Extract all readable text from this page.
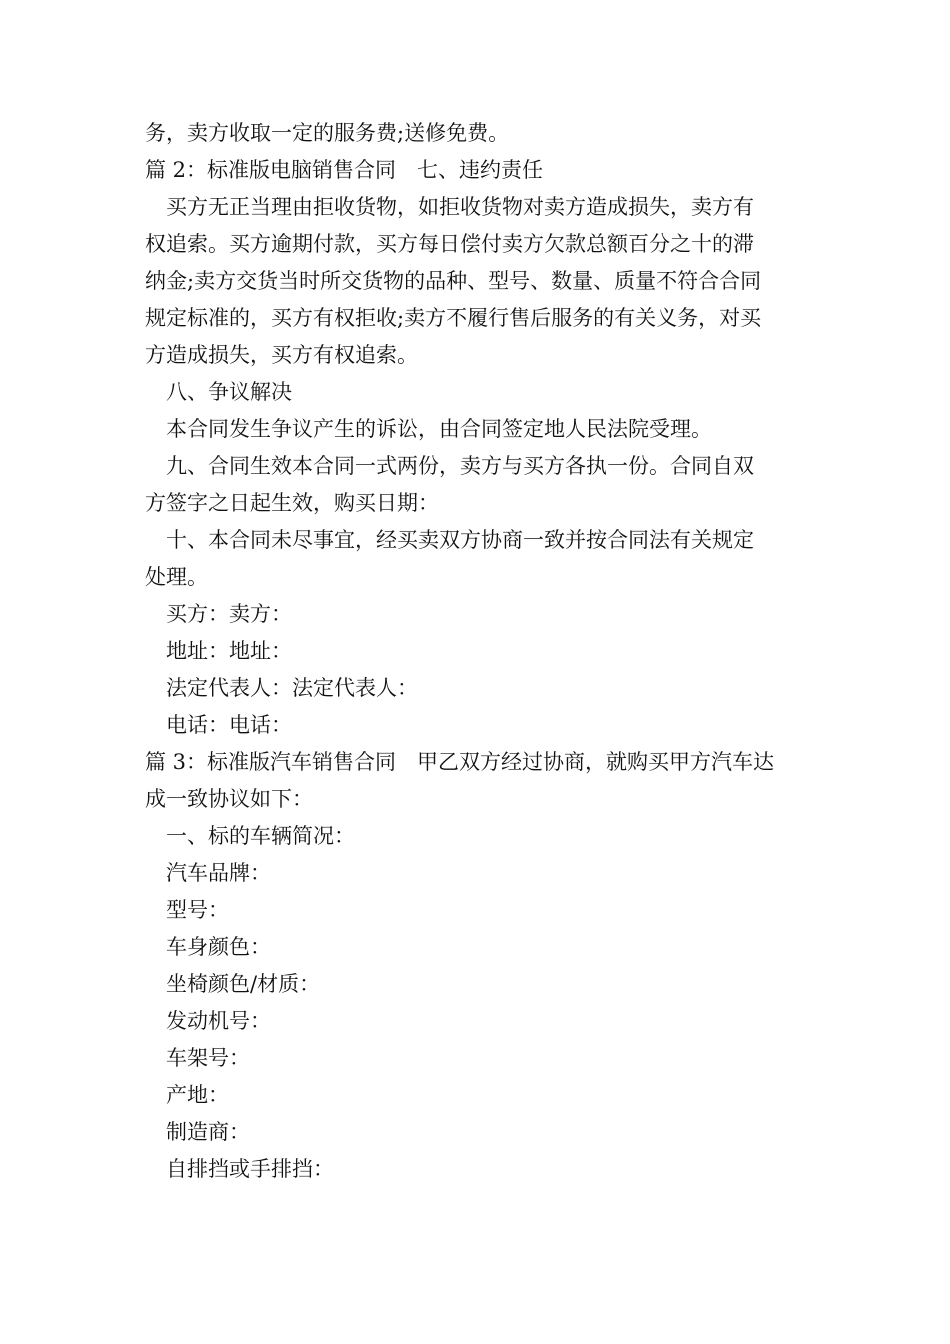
务，卖方收取一定的服务费;送修免费。
篇 2：标准版电脑销售合同　七、违约责任
买方无正当理由拒收货物，如拒收货物对卖方造成损失，卖方有
权追索。买方逾期付款，买方每日偿付卖方欠款总额百分之十的滞
纳金;卖方交货当时所交货物的品种、型号、数量、质量不符合合同
规定标准的，买方有权拒收;卖方不履行售后服务的有关义务，对买
方造成损失，买方有权追索。
八、争议解决
本合同发生争议产生的诉讼，由合同签定地人民法院受理。
九、合同生效本合同一式两份，卖方与买方各执一份。合同自双
方签字之日起生效，购买日期：
十、本合同未尽事宜，经买卖双方协商一致并按合同法有关规定
处理。
买方：卖方：
地址：地址：
法定代表人：法定代表人：
电话：电话：
篇 3：标准版汽车销售合同　甲乙双方经过协商，就购买甲方汽车达
成一致协议如下：
一、标的车辆简况：
汽车品牌：
型号：
车身颜色：
坐椅颜色/材质：
发动机号：
车架号：
产地：
制造商：
自排挡或手排挡：
